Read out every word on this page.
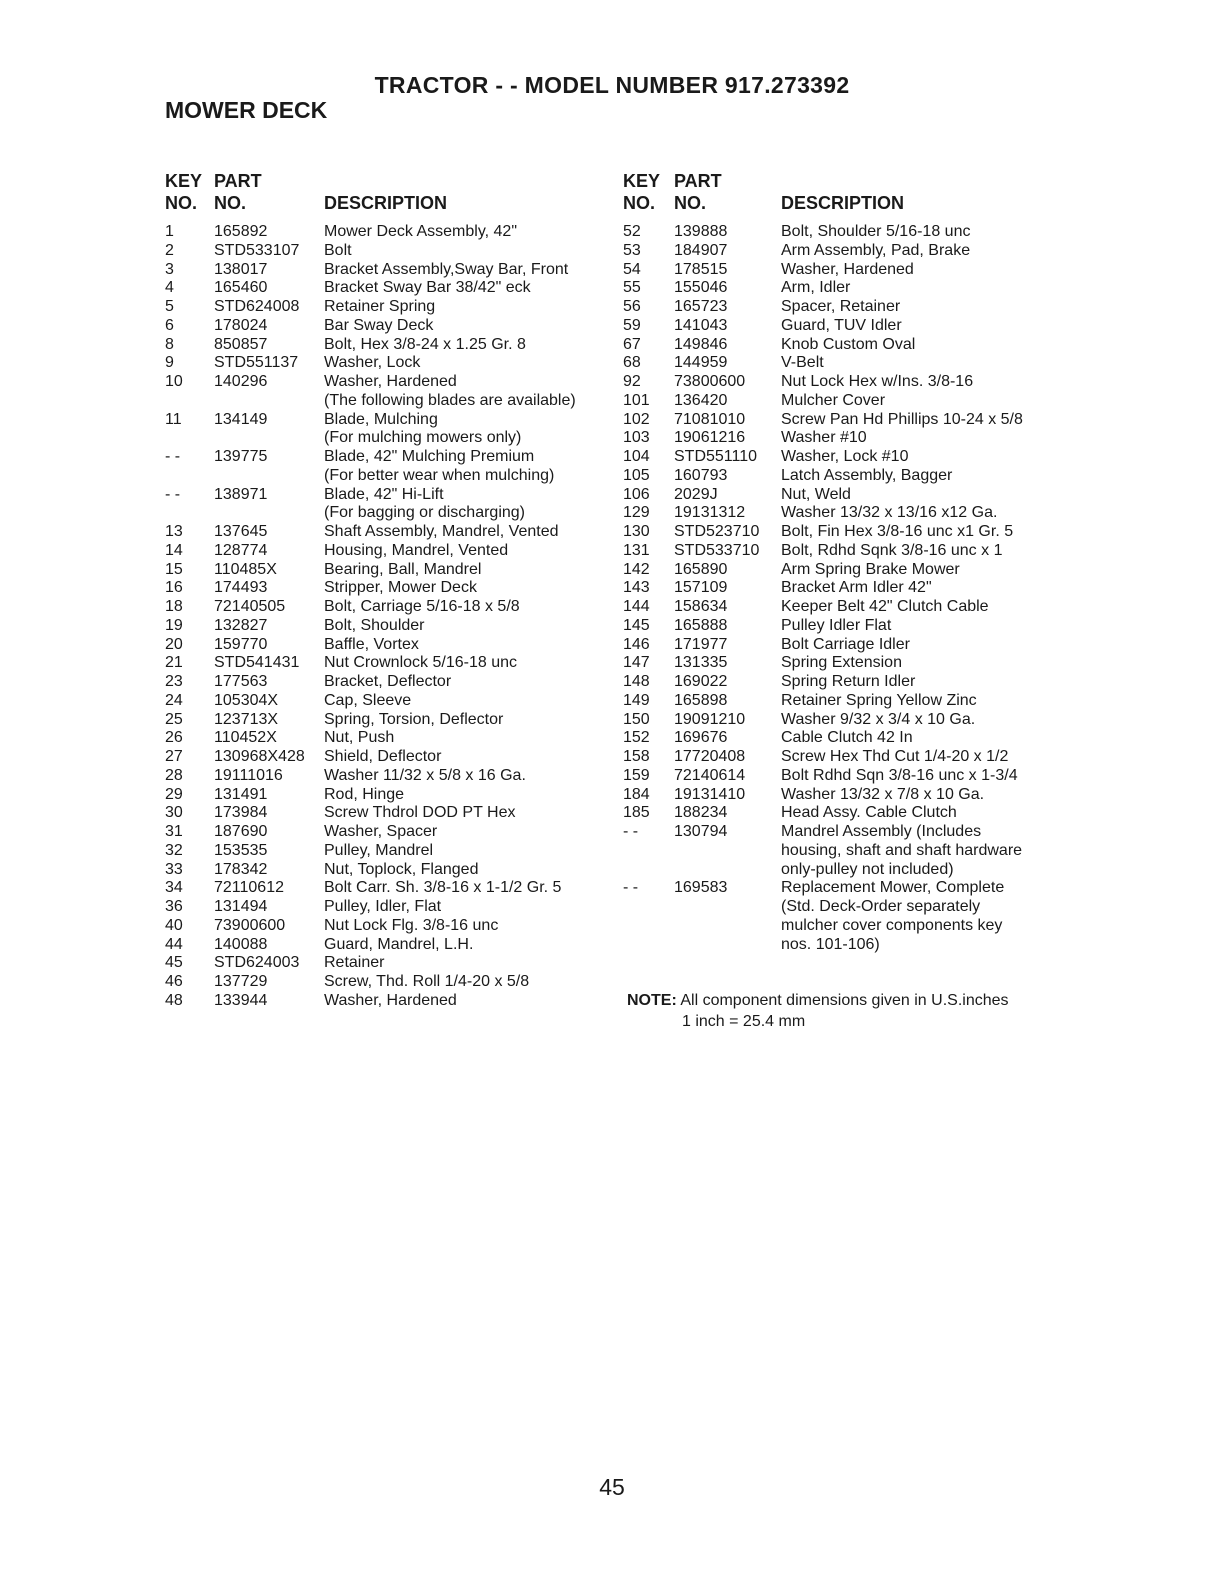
TRACTOR - - MODEL NUMBER 917.273392
MOWER DECK
KEY PART
NO. NO.	DESCRIPTION
1	165892	Mower Deck Assembly, 42"
2	STD533107 Bolt
3	138017	Bracket Assembly,Sway Bar, Front
4	165460	Bracket Sway Bar 38/42" eck
5	STD624008 Retainer Spring
6	178024	Bar Sway Deck
8	850857	Bolt, Hex 3/8-24 x 1.25 Gr. 8
9	STD551137 Washer, Lock
10 140296	Washer, Hardened
(The following blades are available)
11 134149	Blade, Mulching
(For mulching mowers only)
- - 139775	Blade, 42" Mulching Premium
(For better wear when mulching)
- - 138971	Blade, 42" Hi-Lift
(For bagging or discharging)
13 137645	Shaft Assembly, Mandrel, Vented
14 128774	Housing, Mandrel, Vented
15 110485X	Bearing, Ball, Mandrel
16 174493	Stripper, Mower Deck
18 72140505 Bolt, Carriage 5/16-18 x 5/8
19 132827	Bolt, Shoulder
20 159770	Baffle, Vortex
21 STD541431 Nut Crownlock 5/16-18 unc
23 177563	Bracket, Deflector
24 105304X	Cap, Sleeve
25 123713X	Spring, Torsion, Deflector
26 110452X	Nut, Push
27 130968X428 Shield, Deflector
28 19111016	Washer 11/32 x 5/8 x 16 Ga.
29 131491	Rod, Hinge
30 173984	Screw Thdrol DOD PT Hex
31 187690	Washer, Spacer
32 153535	Pulley, Mandrel
33 178342	Nut, Toplock, Flanged
34 72110612	Bolt Carr. Sh. 3/8-16 x 1-1/2 Gr. 5
36 131494	Pulley, Idler, Flat
40 73900600 Nut Lock Flg. 3/8-16 unc
44 140088	Guard, Mandrel, L.H.
45 STD624003 Retainer
46 137729	Screw, Thd. Roll 1/4-20 x 5/8
48 133944	Washer, Hardened
KEY PART
NO. NO.	DESCRIPTION
52 139888	Bolt, Shoulder 5/16-18 unc
53 184907	Arm Assembly, Pad, Brake
54 178515	Washer, Hardened
55 155046	Arm, Idler
56 165723	Spacer, Retainer
59 141043	Guard, TUV Idler
67 149846	Knob Custom Oval
68 144959	V-Belt
92 73800600 Nut Lock Hex w/Ins. 3/8-16
101 136420	Mulcher Cover
102 71081010 Screw Pan Hd Phillips 10-24 x 5/8
103 19061216 Washer #10
104 STD551110 Washer, Lock #10
105 160793	Latch Assembly, Bagger
106 2029J	Nut, Weld
129 19131312 Washer 13/32 x 13/16 x12 Ga.
130 STD523710 Bolt, Fin Hex 3/8-16 unc x1 Gr. 5
131 STD533710 Bolt, Rdhd Sqnk 3/8-16 unc x 1
142 165890	Arm Spring Brake Mower
143 157109	Bracket Arm Idler 42"
144 158634	Keeper Belt 42" Clutch Cable
145 165888	Pulley Idler Flat
146 171977	Bolt Carriage Idler
147 131335	Spring Extension
148 169022	Spring Return Idler
149 165898	Retainer Spring Yellow Zinc
150 19091210 Washer 9/32 x 3/4 x 10 Ga.
152 169676	Cable Clutch 42 In
158 17720408 Screw Hex Thd Cut 1/4-20 x 1/2
159 72140614 Bolt Rdhd Sqn 3/8-16 unc x 1-3/4
184 19131410 Washer 13/32 x 7/8 x 10 Ga.
185 188234	Head Assy. Cable Clutch
- - 130794	Mandrel Assembly (Includes
housing, shaft and shaft hardware
only-pulley not included)
- - 169583	Replacement Mower, Complete
(Std. Deck-Order separately
mulcher cover components key
nos. 101-106)
NOTE: All component dimensions given in U.S.inches
1 inch = 25.4 mm
45
